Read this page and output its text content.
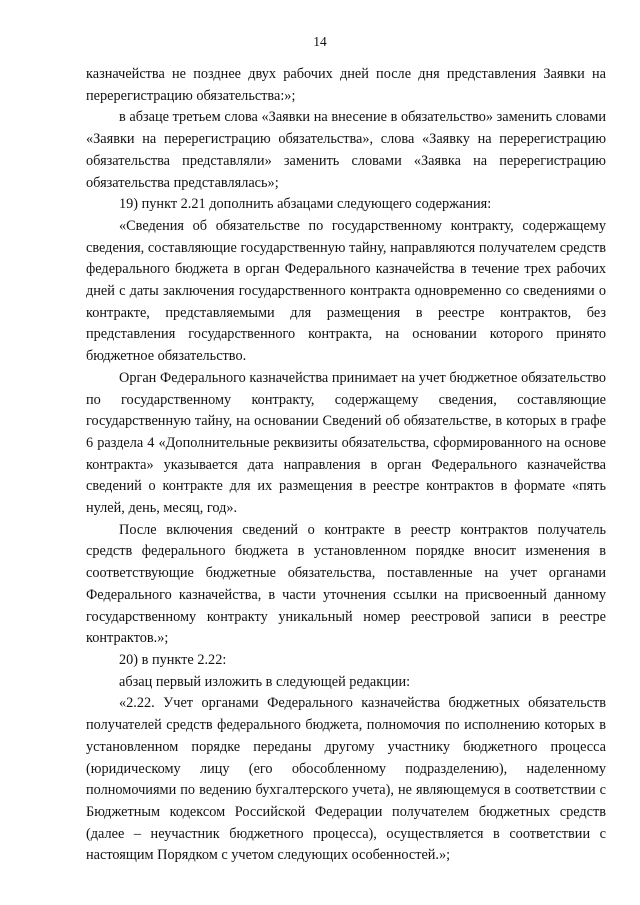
14

казначейства не позднее двух рабочих дней после дня представления Заявки на перерегистрацию обязательства:»;

в абзаце третьем слова «Заявки на внесение в обязательство» заменить словами «Заявки на перерегистрацию обязательства», слова «Заявку на перерегистрацию обязательства представляли» заменить словами «Заявка на перерегистрацию обязательства представлялась»;

19) пункт 2.21 дополнить абзацами следующего содержания:

«Сведения об обязательстве по государственному контракту, содержащему сведения, составляющие государственную тайну, направляются получателем средств федерального бюджета в орган Федерального казначейства в течение трех рабочих дней с даты заключения государственного контракта одновременно со сведениями о контракте, представляемыми для размещения в реестре контрактов, без представления государственного контракта, на основании которого принято бюджетное обязательство.

Орган Федерального казначейства принимает на учет бюджетное обязательство по государственному контракту, содержащему сведения, составляющие государственную тайну, на основании Сведений об обязательстве, в которых в графе 6 раздела 4 «Дополнительные реквизиты обязательства, сформированного на основе контракта» указывается дата направления в орган Федерального казначейства сведений о контракте для их размещения в реестре контрактов в формате «пять нулей, день, месяц, год».

После включения сведений о контракте в реестр контрактов получатель средств федерального бюджета в установленном порядке вносит изменения в соответствующие бюджетные обязательства, поставленные на учет органами Федерального казначейства, в части уточнения ссылки на присвоенный данному государственному контракту уникальный номер реестровой записи в реестре контрактов.»;

20) в пункте 2.22:

абзац первый изложить в следующей редакции:

«2.22. Учет органами Федерального казначейства бюджетных обязательств получателей средств федерального бюджета, полномочия по исполнению которых в установленном порядке переданы другому участнику бюджетного процесса (юридическому лицу (его обособленному подразделению), наделенному полномочиями по ведению бухгалтерского учета), не являющемуся в соответствии с Бюджетным кодексом Российской Федерации получателем бюджетных средств (далее – неучастник бюджетного процесса), осуществляется в соответствии с настоящим Порядком с учетом следующих особенностей.»;
